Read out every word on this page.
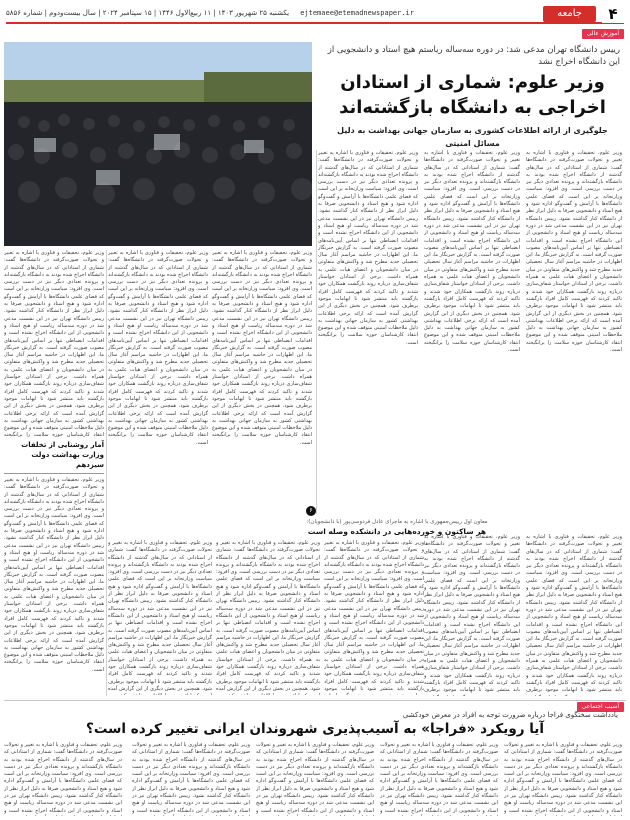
۴
جامعه
ejtemaee@etemadnewspaper.ir
یکشنبه ۲۵ شهریور ۱۴۰۳ | ۱۱ ربیع‌الاول ۱۴۴۶ | ۱۵ سپتامبر ۲۰۲۴ | سال بیست‌ودوم | شماره ۵۸۵۶
آموزش عالی
رییس دانشگاه تهران مدعی شد: در دوره سه‌ساله ریاستم هیچ استاد و دانشجویی از این دانشگاه اخراج نشد
وزیر علوم: شماری از استادان اخراجی به دانشگاه بازگشته‌اند
جلوگیری از ارائه اطلاعات کشوری به سازمان جهانی بهداشت به دلیل مسائل امنیتی
وزیر علوم، تحقیقات و فناوری با اشاره به تغییر و تحولات صورت‌گرفته در دانشگاه‌ها گفت: شماری از استادانی که در سال‌های گذشته از دانشگاه اخراج شده بودند به دانشگاه بازگشته‌اند و پرونده تعدادی دیگر نیز در دست بررسی است. وی افزود: سیاست وزارتخانه بر این است که فضای علمی دانشگاه‌ها با آرامش و گفت‌وگو اداره شود و هیچ استاد و دانشجویی صرفا به دلیل ابراز نظر از دانشگاه کنار گذاشته نشود. رییس دانشگاه تهران نیز در این نشست مدعی شد در دوره سه‌ساله ریاست او هیچ استاد و دانشجویی از این دانشگاه اخراج نشده است و اقدامات انضباطی تنها بر اساس آیین‌نامه‌های مصوب صورت گرفته است. به گزارش خبرنگار ما، این اظهارات در حاشیه مراسم آغاز سال تحصیلی جدید مطرح شد و واکنش‌های متفاوتی در میان دانشجویان و اعضای هیات علمی به همراه داشت. برخی از استادان خواستار شفاف‌سازی درباره روند بازگشت همکاران خود شدند و تاکید کردند که فهرست کامل افراد بازگشته باید منتشر شود تا ابهامات موجود برطرف شود. همچنین در بخش دیگری از این گزارش آمده است که ارائه برخی اطلاعات بهداشتی کشور به سازمان جهانی بهداشت به دلیل ملاحظات امنیتی متوقف شده و این موضوع انتقاد کارشناسان حوزه سلامت را برانگیخته است.
وزیر علوم، تحقیقات و فناوری با اشاره به تغییر و تحولات صورت‌گرفته در دانشگاه‌ها گفت: شماری از استادانی که در سال‌های گذشته از دانشگاه اخراج شده بودند به دانشگاه بازگشته‌اند و پرونده تعدادی دیگر نیز در دست بررسی است. وی افزود: سیاست وزارتخانه بر این است که فضای علمی دانشگاه‌ها با آرامش و گفت‌وگو اداره شود و هیچ استاد و دانشجویی صرفا به دلیل ابراز نظر از دانشگاه کنار گذاشته نشود. رییس دانشگاه تهران نیز در این نشست مدعی شد در دوره سه‌ساله ریاست او هیچ استاد و دانشجویی از این دانشگاه اخراج نشده است و اقدامات انضباطی تنها بر اساس آیین‌نامه‌های مصوب صورت گرفته است. به گزارش خبرنگار ما، این اظهارات در حاشیه مراسم آغاز سال تحصیلی جدید مطرح شد و واکنش‌های متفاوتی در میان دانشجویان و اعضای هیات علمی به همراه داشت. برخی از استادان خواستار شفاف‌سازی درباره روند بازگشت همکاران خود شدند و تاکید کردند که فهرست کامل افراد بازگشته باید منتشر شود تا ابهامات موجود برطرف شود. همچنین در بخش دیگری از این گزارش آمده است که ارائه برخی اطلاعات بهداشتی کشور به سازمان جهانی بهداشت به دلیل ملاحظات امنیتی متوقف شده و این موضوع انتقاد کارشناسان حوزه سلامت را برانگیخته است.
وزیر علوم، تحقیقات و فناوری با اشاره به تغییر و تحولات صورت‌گرفته در دانشگاه‌ها گفت: شماری از استادانی که در سال‌های گذشته از دانشگاه اخراج شده بودند به دانشگاه بازگشته‌اند و پرونده تعدادی دیگر نیز در دست بررسی است. وی افزود: سیاست وزارتخانه بر این است که فضای علمی دانشگاه‌ها با آرامش و گفت‌وگو اداره شود و هیچ استاد و دانشجویی صرفا به دلیل ابراز نظر از دانشگاه کنار گذاشته نشود. رییس دانشگاه تهران نیز در این نشست مدعی شد در دوره سه‌ساله ریاست او هیچ استاد و دانشجویی از این دانشگاه اخراج نشده است و اقدامات انضباطی تنها بر اساس آیین‌نامه‌های مصوب صورت گرفته است. به گزارش خبرنگار ما، این اظهارات در حاشیه مراسم آغاز سال تحصیلی جدید مطرح شد و واکنش‌های متفاوتی در میان دانشجویان و اعضای هیات علمی به همراه داشت. برخی از استادان خواستار شفاف‌سازی درباره روند بازگشت همکاران خود شدند و تاکید کردند که فهرست کامل افراد بازگشته باید منتشر شود تا ابهامات موجود برطرف شود. همچنین در بخش دیگری از این گزارش آمده است که ارائه برخی اطلاعات بهداشتی کشور به سازمان جهانی بهداشت به دلیل ملاحظات امنیتی متوقف شده و این موضوع انتقاد کارشناسان حوزه سلامت را برانگیخته است.
وزیر علوم، تحقیقات و فناوری با اشاره به تغییر و تحولات صورت‌گرفته در دانشگاه‌ها گفت: شماری از استادانی که در سال‌های گذشته از دانشگاه اخراج شده بودند به دانشگاه بازگشته‌اند و پرونده تعدادی دیگر نیز در دست بررسی است. وی افزود: سیاست وزارتخانه بر این است که فضای علمی دانشگاه‌ها با آرامش و گفت‌وگو اداره شود و هیچ استاد و دانشجویی صرفا به دلیل ابراز نظر از دانشگاه کنار گذاشته نشود. رییس دانشگاه تهران نیز در این نشست مدعی شد در دوره سه‌ساله ریاست او هیچ استاد و دانشجویی از این دانشگاه اخراج نشده است و اقدامات انضباطی تنها بر اساس آیین‌نامه‌های مصوب صورت گرفته است. به گزارش خبرنگار ما، این اظهارات در حاشیه مراسم آغاز سال تحصیلی جدید مطرح شد و واکنش‌های متفاوتی در میان دانشجویان و اعضای هیات علمی به همراه داشت. برخی از استادان خواستار شفاف‌سازی درباره روند بازگشت همکاران خود شدند و تاکید کردند که فهرست کامل افراد بازگشته باید منتشر شود تا ابهامات موجود برطرف شود. همچنین در بخش دیگری از این گزارش آمده است که ارائه برخی اطلاعات بهداشتی کشور به سازمان جهانی بهداشت به دلیل ملاحظات امنیتی متوقف شده و این موضوع انتقاد کارشناسان حوزه سلامت را برانگیخته
وزیر علوم، تحقیقات و فناوری با اشاره به تغییر و تحولات صورت‌گرفته در دانشگاه‌ها گفت: شماری از استادانی که در سال‌های گذشته از دانشگاه اخراج شده بودند به دانشگاه بازگشته‌اند و پرونده تعدادی دیگر نیز در دست بررسی است. وی افزود: سیاست وزارتخانه بر این است که فضای علمی دانشگاه‌ها با آرامش و گفت‌وگو اداره شود و هیچ استاد و دانشجویی صرفا به دلیل ابراز نظر از دانشگاه کنار گذاشته نشود. رییس دانشگاه تهران نیز در این نشست مدعی شد در دوره سه‌ساله ریاست او هیچ استاد و دانشجویی از این دانشگاه اخراج نشده است و اقدامات انضباطی تنها بر اساس آیین‌نامه‌های مصوب صورت گرفته است. به گزارش خبرنگار ما، این اظهارات در حاشیه مراسم آغاز سال تحصیلی جدید مطرح شد و واکنش‌های متفاوتی در میان دانشجویان و اعضای هیات علمی به همراه داشت. برخی از استادان خواستار شفاف‌سازی درباره روند بازگشت همکاران خود شدند و تاکید کردند که فهرست کامل افراد بازگشته باید منتشر شود تا ابهامات موجود برطرف شود. همچنین در بخش دیگری از این گزارش آمده است که ارائه برخی اطلاعات بهداشتی کشور به سازمان جهانی بهداشت به دلیل ملاحظات امنیتی متوقف شده و این موضوع انتقاد کارشناسان حوزه سلامت را برانگیخته است.
وزیر علوم، تحقیقات و فناوری با اشاره به تغییر و تحولات صورت‌گرفته در دانشگاه‌ها گفت: شماری از استادانی که در سال‌های گذشته از دانشگاه اخراج شده بودند به دانشگاه بازگشته‌اند و پرونده تعدادی دیگر نیز در دست بررسی است. وی افزود: سیاست وزارتخانه بر این است که فضای علمی دانشگاه‌ها با آرامش و گفت‌وگو اداره شود و هیچ استاد و دانشجویی صرفا به دلیل ابراز نظر از دانشگاه کنار گذاشته نشود. رییس دانشگاه تهران نیز در این نشست مدعی شد در دوره سه‌ساله ریاست او هیچ استاد و دانشجویی از این دانشگاه اخراج نشده است و اقدامات انضباطی تنها بر اساس آیین‌نامه‌های مصوب صورت گرفته است. به گزارش خبرنگار ما، این اظهارات در حاشیه مراسم آغاز سال تحصیلی جدید مطرح شد و واکنش‌های متفاوتی در میان دانشجویان و اعضای هیات علمی به همراه داشت. برخی از استادان خواستار شفاف‌سازی درباره روند بازگشت همکاران خود شدند و تاکید کردند که فهرست کامل افراد بازگشته باید منتشر شود تا ابهامات موجود برطرف شود. همچنین در بخش دیگری از این گزارش آمده است که ارائه برخی اطلاعات بهداشتی کشور به سازمان جهانی بهداشت به دلیل ملاحظات امنیتی متوقف شده و این موضوع انتقاد کارشناسان حوزه سلامت را برانگیخته است.
آمار روشنایی از تخلفات وزارت بهداشت دولت سیزدهم
وزیر علوم، تحقیقات و فناوری با اشاره به تغییر و تحولات صورت‌گرفته در دانشگاه‌ها گفت: شماری از استادانی که در سال‌های گذشته از دانشگاه اخراج شده بودند به دانشگاه بازگشته‌اند و پرونده تعدادی دیگر نیز در دست بررسی است. وی افزود: سیاست وزارتخانه بر این است که فضای علمی دانشگاه‌ها با آرامش و گفت‌وگو اداره شود و هیچ استاد و دانشجویی صرفا به دلیل ابراز نظر از دانشگاه کنار گذاشته نشود. رییس دانشگاه تهران نیز در این نشست مدعی شد در دوره سه‌ساله ریاست او هیچ استاد و دانشجویی از این دانشگاه اخراج نشده است و اقدامات انضباطی تنها بر اساس آیین‌نامه‌های مصوب صورت گرفته است. به گزارش خبرنگار ما، این اظهارات در حاشیه مراسم آغاز سال تحصیلی جدید مطرح شد و واکنش‌های متفاوتی در میان دانشجویان و اعضای هیات علمی به همراه داشت. برخی از استادان خواستار شفاف‌سازی درباره روند بازگشت همکاران خود شدند و تاکید کردند که فهرست کامل افراد بازگشته باید منتشر شود تا ابهامات موجود برطرف شود. همچنین در بخش دیگری از این گزارش آمده است که ارائه برخی اطلاعات بهداشتی کشور به سازمان جهانی بهداشت به دلیل ملاحظات امنیتی متوقف شده و این موضوع انتقاد کارشناسان حوزه سلامت را برانگیخته است.
۶
معاون اول رییس‌جمهوری با اشاره به ماجرای عادل فردوسی‌پور (با دانشجویان):
هر ساکتون و خورده‌هایی در دانشکده وصله است
وزیر علوم، تحقیقات و فناوری با اشاره به تغییر و تحولات صورت‌گرفته در دانشگاه‌ها گفت: شماری از استادانی که در سال‌های گذشته از دانشگاه اخراج شده بودند به دانشگاه بازگشته‌اند و پرونده تعدادی دیگر نیز در دست بررسی است. وی افزود: سیاست وزارتخانه بر این است که فضای علمی دانشگاه‌ها با آرامش و گفت‌وگو اداره شود و هیچ استاد و دانشجویی صرفا به دلیل ابراز نظر از دانشگاه کنار گذاشته نشود. رییس دانشگاه تهران نیز در این نشست مدعی شد در دوره سه‌ساله ریاست او هیچ استاد و دانشجویی از این دانشگاه اخراج نشده است و اقدامات انضباطی تنها بر اساس آیین‌نامه‌های مصوب صورت گرفته است. به گزارش خبرنگار ما، این اظهارات در حاشیه مراسم آغاز سال تحصیلی جدید مطرح شد و واکنش‌های متفاوتی در میان دانشجویان و اعضای هیات علمی به همراه داشت. برخی از استادان خواستار شفاف‌سازی درباره روند بازگشت همکاران خود شدند و تاکید کردند که فهرست کامل افراد بازگشته باید منتشر شود تا ابهامات موجود برطرف شود. همچنین در بخش دیگری از این گزارش آمده
وزیر علوم، تحقیقات و فناوری با اشاره به تغییر و تحولات صورت‌گرفته در دانشگاه‌ها گفت: شماری از استادانی که در سال‌های گذشته از دانشگاه اخراج شده بودند به دانشگاه بازگشته‌اند و پرونده تعدادی دیگر نیز در دست بررسی است. وی افزود: سیاست وزارتخانه بر این است که فضای علمی دانشگاه‌ها با آرامش و گفت‌وگو اداره شود و هیچ استاد و دانشجویی صرفا به دلیل ابراز نظر از دانشگاه کنار گذاشته نشود. رییس دانشگاه تهران نیز در این نشست مدعی شد در دوره سه‌ساله ریاست او هیچ استاد و دانشجویی از این دانشگاه اخراج نشده است و اقدامات انضباطی تنها بر اساس آیین‌نامه‌های مصوب صورت گرفته است. به گزارش خبرنگار ما، این اظهارات در حاشیه مراسم آغاز سال تحصیلی جدید مطرح شد و واکنش‌های متفاوتی در میان دانشجویان و اعضای هیات علمی به همراه داشت. برخی از استادان خواستار شفاف‌سازی درباره روند بازگشت همکاران خود شدند و تاکید کردند که فهرست کامل افراد بازگشته باید منتشر شود تا ابهامات موجود برطرف شود. همچنین در بخش دیگری از این گزارش آمده
وزیر علوم، تحقیقات و فناوری با اشاره به تغییر و تحولات صورت‌گرفته در دانشگاه‌ها گفت: شماری از استادانی که در سال‌های گذشته از دانشگاه اخراج شده بودند به دانشگاه بازگشته‌اند و پرونده تعدادی دیگر نیز در دست بررسی است. وی افزود: سیاست وزارتخانه بر این است که فضای علمی دانشگاه‌ها با آرامش و گفت‌وگو اداره شود و هیچ استاد و دانشجویی صرفا به دلیل ابراز نظر از دانشگاه کنار گذاشته نشود. رییس دانشگاه تهران نیز در این نشست مدعی شد در دوره سه‌ساله ریاست او هیچ استاد و دانشجویی از این دانشگاه اخراج نشده است و اقدامات انضباطی تنها بر اساس آیین‌نامه‌های مصوب صورت گرفته است. به گزارش خبرنگار ما، این اظهارات در حاشیه مراسم آغاز سال تحصیلی جدید مطرح شد و واکنش‌های متفاوتی در میان دانشجویان و اعضای هیات علمی به همراه داشت. برخی از استادان خواستار شفاف‌سازی درباره روند بازگشت همکاران خود شدند و تاکید کردند که فهرست کامل افراد بازگشته باید منتشر شود تا ابهامات موجود
وزیر علوم، تحقیقات و فناوری با اشاره به تغییر و تحولات صورت‌گرفته در دانشگاه‌ها گفت: شماری از استادانی که در سال‌های گذشته از دانشگاه اخراج شده بودند به دانشگاه بازگشته‌اند و پرونده تعدادی دیگر نیز در دست بررسی است. وی افزود: سیاست وزارتخانه بر این است که فضای علمی دانشگاه‌ها با آرامش و گفت‌وگو اداره شود و هیچ استاد و دانشجویی صرفا به دلیل ابراز نظر از دانشگاه کنار گذاشته نشود. رییس دانشگاه تهران نیز در این نشست مدعی شد در دوره سه‌ساله ریاست او هیچ استاد و دانشجویی از این دانشگاه اخراج نشده است و اقدامات انضباطی تنها بر اساس آیین‌نامه‌های مصوب صورت گرفته است. به گزارش خبرنگار ما، این اظهارات در حاشیه مراسم آغاز سال تحصیلی جدید مطرح شد و واکنش‌های متفاوتی در میان دانشجویان و اعضای هیات علمی به همراه داشت. برخی از استادان خواستار شفاف‌سازی درباره روند بازگشت همکاران خود شدند و تاکید کردند که فهرست کامل افراد بازگشته باید منتشر شود تا ابهامات موجود برطرف
وزیر علوم، تحقیقات و فناوری با اشاره به تغییر و تحولات صورت‌گرفته در دانشگاه‌ها گفت: شماری از استادانی که در سال‌های گذشته از دانشگاه اخراج شده بودند به دانشگاه بازگشته‌اند و پرونده تعدادی دیگر نیز در دست بررسی است. وی افزود: سیاست وزارتخانه بر این است که فضای علمی دانشگاه‌ها با آرامش و گفت‌وگو اداره شود و هیچ استاد و دانشجویی صرفا به دلیل ابراز نظر از دانشگاه کنار گذاشته نشود. رییس دانشگاه تهران نیز در این نشست مدعی شد در دوره سه‌ساله ریاست او هیچ استاد و دانشجویی از این دانشگاه اخراج نشده است و اقدامات انضباطی تنها بر اساس آیین‌نامه‌های مصوب صورت گرفته است. به گزارش خبرنگار ما، این اظهارات در حاشیه مراسم آغاز سال تحصیلی جدید مطرح شد و واکنش‌های متفاوتی در میان دانشجویان و اعضای هیات علمی به همراه داشت. برخی از استادان خواستار شفاف‌سازی درباره روند بازگشت همکاران خود شدند و تاکید کردند که فهرست کامل افراد بازگشته باید منتشر شود تا ابهامات موجود برطرف
آسیب اجتماعی
یادداشت سختگوی فراجا درباره ضرورت توجه به افراد در معرض خودکشی
آیا رویکرد «فراجا» به آسیب‌پذیری شهروندان ایرانی تغییر کرده است؟
وزیر علوم، تحقیقات و فناوری با اشاره به تغییر و تحولات صورت‌گرفته در دانشگاه‌ها گفت: شماری از استادانی که در سال‌های گذشته از دانشگاه اخراج شده بودند به دانشگاه بازگشته‌اند و پرونده تعدادی دیگر نیز در دست بررسی است. وی افزود: سیاست وزارتخانه بر این است که فضای علمی دانشگاه‌ها با آرامش و گفت‌وگو اداره شود و هیچ استاد و دانشجویی صرفا به دلیل ابراز نظر از دانشگاه کنار گذاشته نشود. رییس دانشگاه تهران نیز در این نشست مدعی شد در دوره سه‌ساله ریاست او هیچ استاد و دانشجویی از این دانشگاه اخراج نشده است و
وزیر علوم، تحقیقات و فناوری با اشاره به تغییر و تحولات صورت‌گرفته در دانشگاه‌ها گفت: شماری از استادانی که در سال‌های گذشته از دانشگاه اخراج شده بودند به دانشگاه بازگشته‌اند و پرونده تعدادی دیگر نیز در دست بررسی است. وی افزود: سیاست وزارتخانه بر این است که فضای علمی دانشگاه‌ها با آرامش و گفت‌وگو اداره شود و هیچ استاد و دانشجویی صرفا به دلیل ابراز نظر از دانشگاه کنار گذاشته نشود. رییس دانشگاه تهران نیز در این نشست مدعی شد در دوره سه‌ساله ریاست او هیچ استاد و دانشجویی از این دانشگاه اخراج نشده است و
وزیر علوم، تحقیقات و فناوری با اشاره به تغییر و تحولات صورت‌گرفته در دانشگاه‌ها گفت: شماری از استادانی که در سال‌های گذشته از دانشگاه اخراج شده بودند به دانشگاه بازگشته‌اند و پرونده تعدادی دیگر نیز در دست بررسی است. وی افزود: سیاست وزارتخانه بر این است که فضای علمی دانشگاه‌ها با آرامش و گفت‌وگو اداره شود و هیچ استاد و دانشجویی صرفا به دلیل ابراز نظر از دانشگاه کنار گذاشته نشود. رییس دانشگاه تهران نیز در این نشست مدعی شد در دوره سه‌ساله ریاست او هیچ استاد و دانشجویی از این دانشگاه اخراج نشده است و
وزیر علوم، تحقیقات و فناوری با اشاره به تغییر و تحولات صورت‌گرفته در دانشگاه‌ها گفت: شماری از استادانی که در سال‌های گذشته از دانشگاه اخراج شده بودند به دانشگاه بازگشته‌اند و پرونده تعدادی دیگر نیز در دست بررسی است. وی افزود: سیاست وزارتخانه بر این است که فضای علمی دانشگاه‌ها با آرامش و گفت‌وگو اداره شود و هیچ استاد و دانشجویی صرفا به دلیل ابراز نظر از دانشگاه کنار گذاشته نشود. رییس دانشگاه تهران نیز در این نشست مدعی شد در دوره سه‌ساله ریاست او هیچ استاد و دانشجویی از این دانشگاه اخراج نشده است و
وزیر علوم، تحقیقات و فناوری با اشاره به تغییر و تحولات صورت‌گرفته در دانشگاه‌ها گفت: شماری از استادانی که در سال‌های گذشته از دانشگاه اخراج شده بودند به دانشگاه بازگشته‌اند و پرونده تعدادی دیگر نیز در دست بررسی است. وی افزود: سیاست وزارتخانه بر این است که فضای علمی دانشگاه‌ها با آرامش و گفت‌وگو اداره شود و هیچ استاد و دانشجویی صرفا به دلیل ابراز نظر از دانشگاه کنار گذاشته نشود. رییس دانشگاه تهران نیز در این نشست مدعی شد در دوره سه‌ساله ریاست او هیچ استاد و دانشجویی از این دانشگاه اخراج نشده است و
